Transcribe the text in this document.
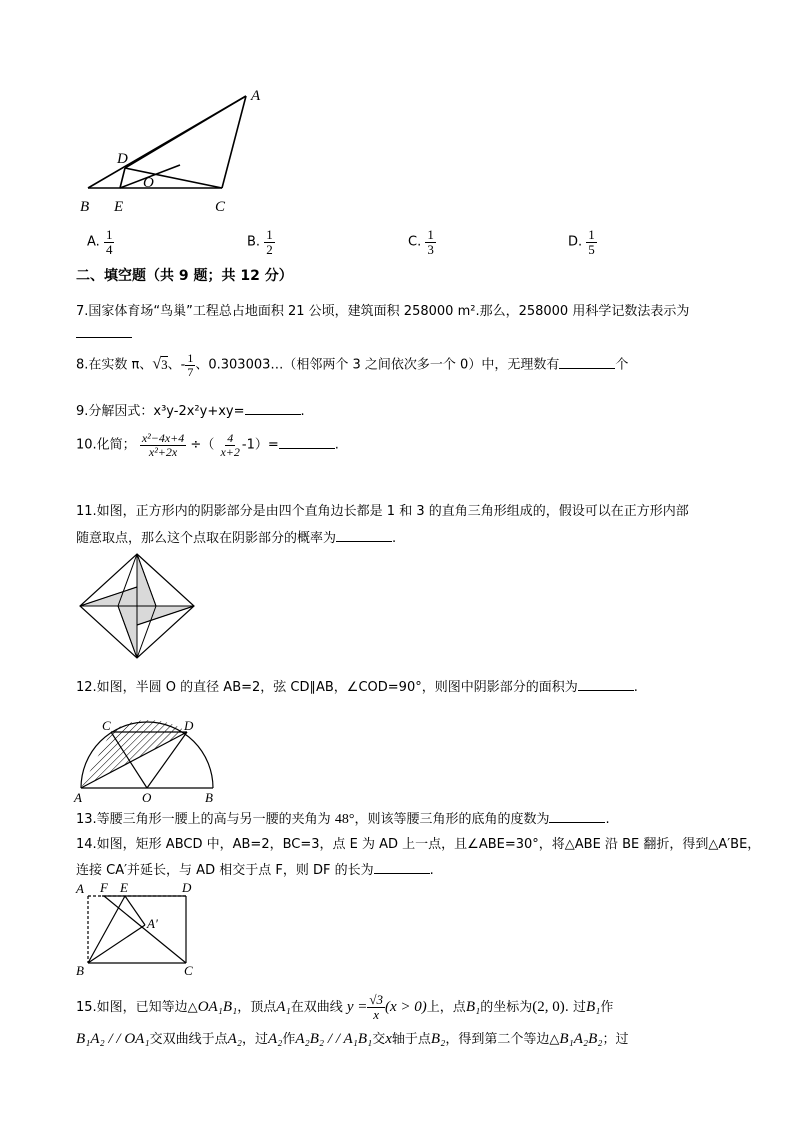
A
D
O
B E	C
A. $\frac{1}{4}$	B. $\frac{1}{2}$	C. $\frac{1}{3}$	D. $\frac{1}{5}$
二、填空题（共 9 题；共 12 分）
7.国家体育场“鸟巢”工程总占地面积 21 公顷，建筑面积 258000 m².那么，258000 用科学记数法表示为
8.在实数 π、√3、- $\frac{1}{7}$ 、0.303003…（相邻两个 3 之间依次多一个 0）中，无理数有	个
9.分解因式：x³y-2x²y+xy=	.
10.化简； $\frac{\text{x²−4x+4}}{\text{x²+2x}}$ ÷（ $\frac{4}{x+2} -1)=$	.
11.如图，正方形内的阴影部分是由四个直角边长都是 1 和 3 的直角三角形组成的，假设可以在正方形内部
随意取点，那么这个点取在阴影部分的概率为	.
12.如图，半圆 O 的直径 AB=2，弦 CD∥AB，∠COD=90°，则图中阴影部分的面积为	.
C	D
A	O	B
13.等腰三角形一腰上的高与另一腰的夹角为 48°，则该等腰三角形的底角的度数为	.
14.如图，矩形 ABCD 中，AB=2，BC=3，点 E 为 AD 上一点，且∠ABE=30°，将△ABE 沿 BE 翻折，得到△A′BE，
连接 CA′并延长，与 AD 相交于点 F，则 DF 的长为	.
A F E	D
A′
B	C
15.如图，已知等边△OA₁B₁，顶点A₁在双曲线 $y = \frac{√3}{x} (x > 0)$上，点B₁的坐标为(2, 0). 过B₁作
B₁A₂ / / OA₁交双曲线于点A₂，过A₂作A₂B₂ / / A₁B₁交x轴于点B₂，得到第二个等边△B₁A₂B₂；过
